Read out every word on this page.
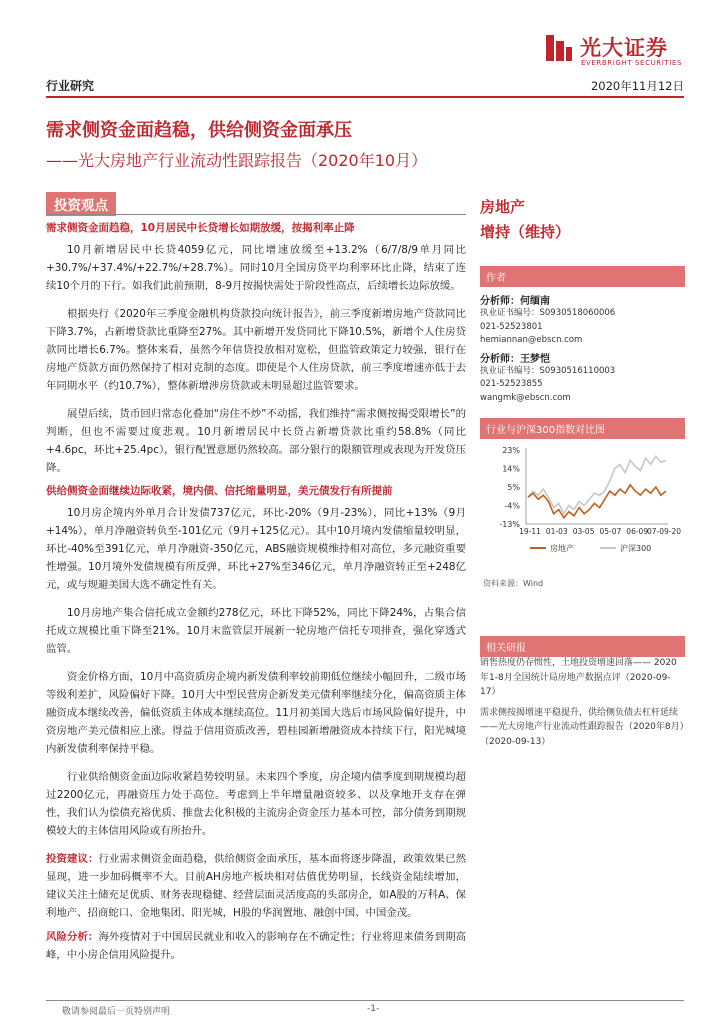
光大证券
EVERBRIGHT SECURITIES
行业研究	2020年11月12日
需求侧资金面趋稳，供给侧资金面承压
——光大房地产行业流动性跟踪报告（2020年10月）
投资观点
需求侧资金面趋稳，10月居民中长贷增长如期放缓，按揭利率止降
10月新增居民中长贷4059亿元，同比增速放缓至+13.2%（6/7/8/9单月同比+30.7%/+37.4%/+22.7%/+28.7%）。同时10月全国房贷平均利率环比止降，结束了连续10个月的下行。如我们此前预期，8-9月按揭快需处于阶段性高点，后续增长边际放缓。
根据央行《2020年三季度金融机构贷款投向统计报告》，前三季度新增房地产贷款同比下降3.7%，占新增贷款比重降至27%。其中新增开发贷同比下降10.5%，新增个人住房贷款同比增长6.7%。整体来看，虽然今年信贷投放相对宽松，但监管政策定力较强，银行在房地产贷款方面仍然保持了相对克制的态度。即使是个人住房贷款，前三季度增速亦低于去年同期水平（约10.7%），整体新增涉房贷款或未明显超过监管要求。
展望后续，货币回归常态化叠加“房住不炒”不动摇，我们维持“需求侧按揭受限增长”的判断，但也不需要过度悲观。10月新增居民中长贷占新增贷款比重约58.8%（同比+4.6pc，环比+25.4pc），银行配置意愿仍然较高。部分银行的限额管理或表现为开发贷压降。
供给侧资金面继续边际收紧，境内债、信托缩量明显，美元债发行有所提前
10月房企境内外单月合计发债737亿元，环比-20%（9月-23%），同比+13%（9月+14%），单月净融资转负至-101亿元（9月+125亿元）。其中10月境内发债缩量较明显，环比-40%至391亿元，单月净融资-350亿元，ABS融资规模维持相对高位，多元融资重要性增强。10月境外发债规模有所反弹，环比+27%至346亿元，单月净融资转正至+248亿元，或与规避美国大选不确定性有关。
10月房地产集合信托成立金额约278亿元，环比下降52%，同比下降24%，占集合信托成立规模比重下降至21%。10月末监管层开展新一轮房地产信托专项排查，强化穿透式监管。
资金价格方面，10月中高资质房企境内新发债利率较前期低位继续小幅回升，二级市场等级利差扩，风险偏好下降。10月大中型民营房企新发美元债利率继续分化，偏高资质主体融资成本继续改善，偏低资质主体成本继续高位。11月初美国大选后市场风险偏好提升，中资房地产美元债相应上涨。得益于信用资质改善，碧桂园新增融资成本持续下行，阳光城境内新发债利率保持平稳。
行业供给侧资金面边际收紧趋势较明显。未来四个季度，房企境内债季度到期规模均超过2200亿元，再融资压力处于高位。考虑到上半年增量融资较多、以及拿地开支存在弹性，我们认为偿债充裕优质、推盘去化积极的主流房企资金压力基本可控，部分债务到期规模较大的主体信用风险或有所抬升。
投资建议：行业需求侧资金面趋稳，供给侧资金面承压，基本面将逐步降温，政策效果已然显现，进一步加码概率不大。目前AH房地产板块相对估值优势明显，长线资金陆续增加，建议关注土储充足优质、财务表现稳健、经营层面灵活度高的头部房企，如A股的万科A、保利地产、招商蛇口、金地集团、阳光城，H股的华润置地、融创中国、中国金茂。
风险分析：海外疫情对于中国居民就业和收入的影响存在不确定性；行业将迎来债务到期高峰，中小房企信用风险提升。
房地产
增持（维持）
作者
分析师：何缅南
执业证书编号：S0930518060006
021-52523801
hemiannan@ebscn.com
分析师：王梦恺
执业证书编号：S0930516110003
021-52523855
wangmk@ebscn.com
行业与沪深300指数对比图
23%
14%
5%
-4%
-13%
19-11 01-03 03-05 05-07 06-09
07-09-20
房地产	沪深300
资料来源：Wind
相关研报
销售热度仍存惯性，土地投资增速回落—— 2020年1-8月全国统计局房地产数据点评（2020-09-17）
需求侧按揭增速平稳提升，供给侧负债去杠杆延续——光大房地产行业流动性跟踪报告（2020年8月）（2020-09-13）
敬请参阅最后一页特别声明	-1-
